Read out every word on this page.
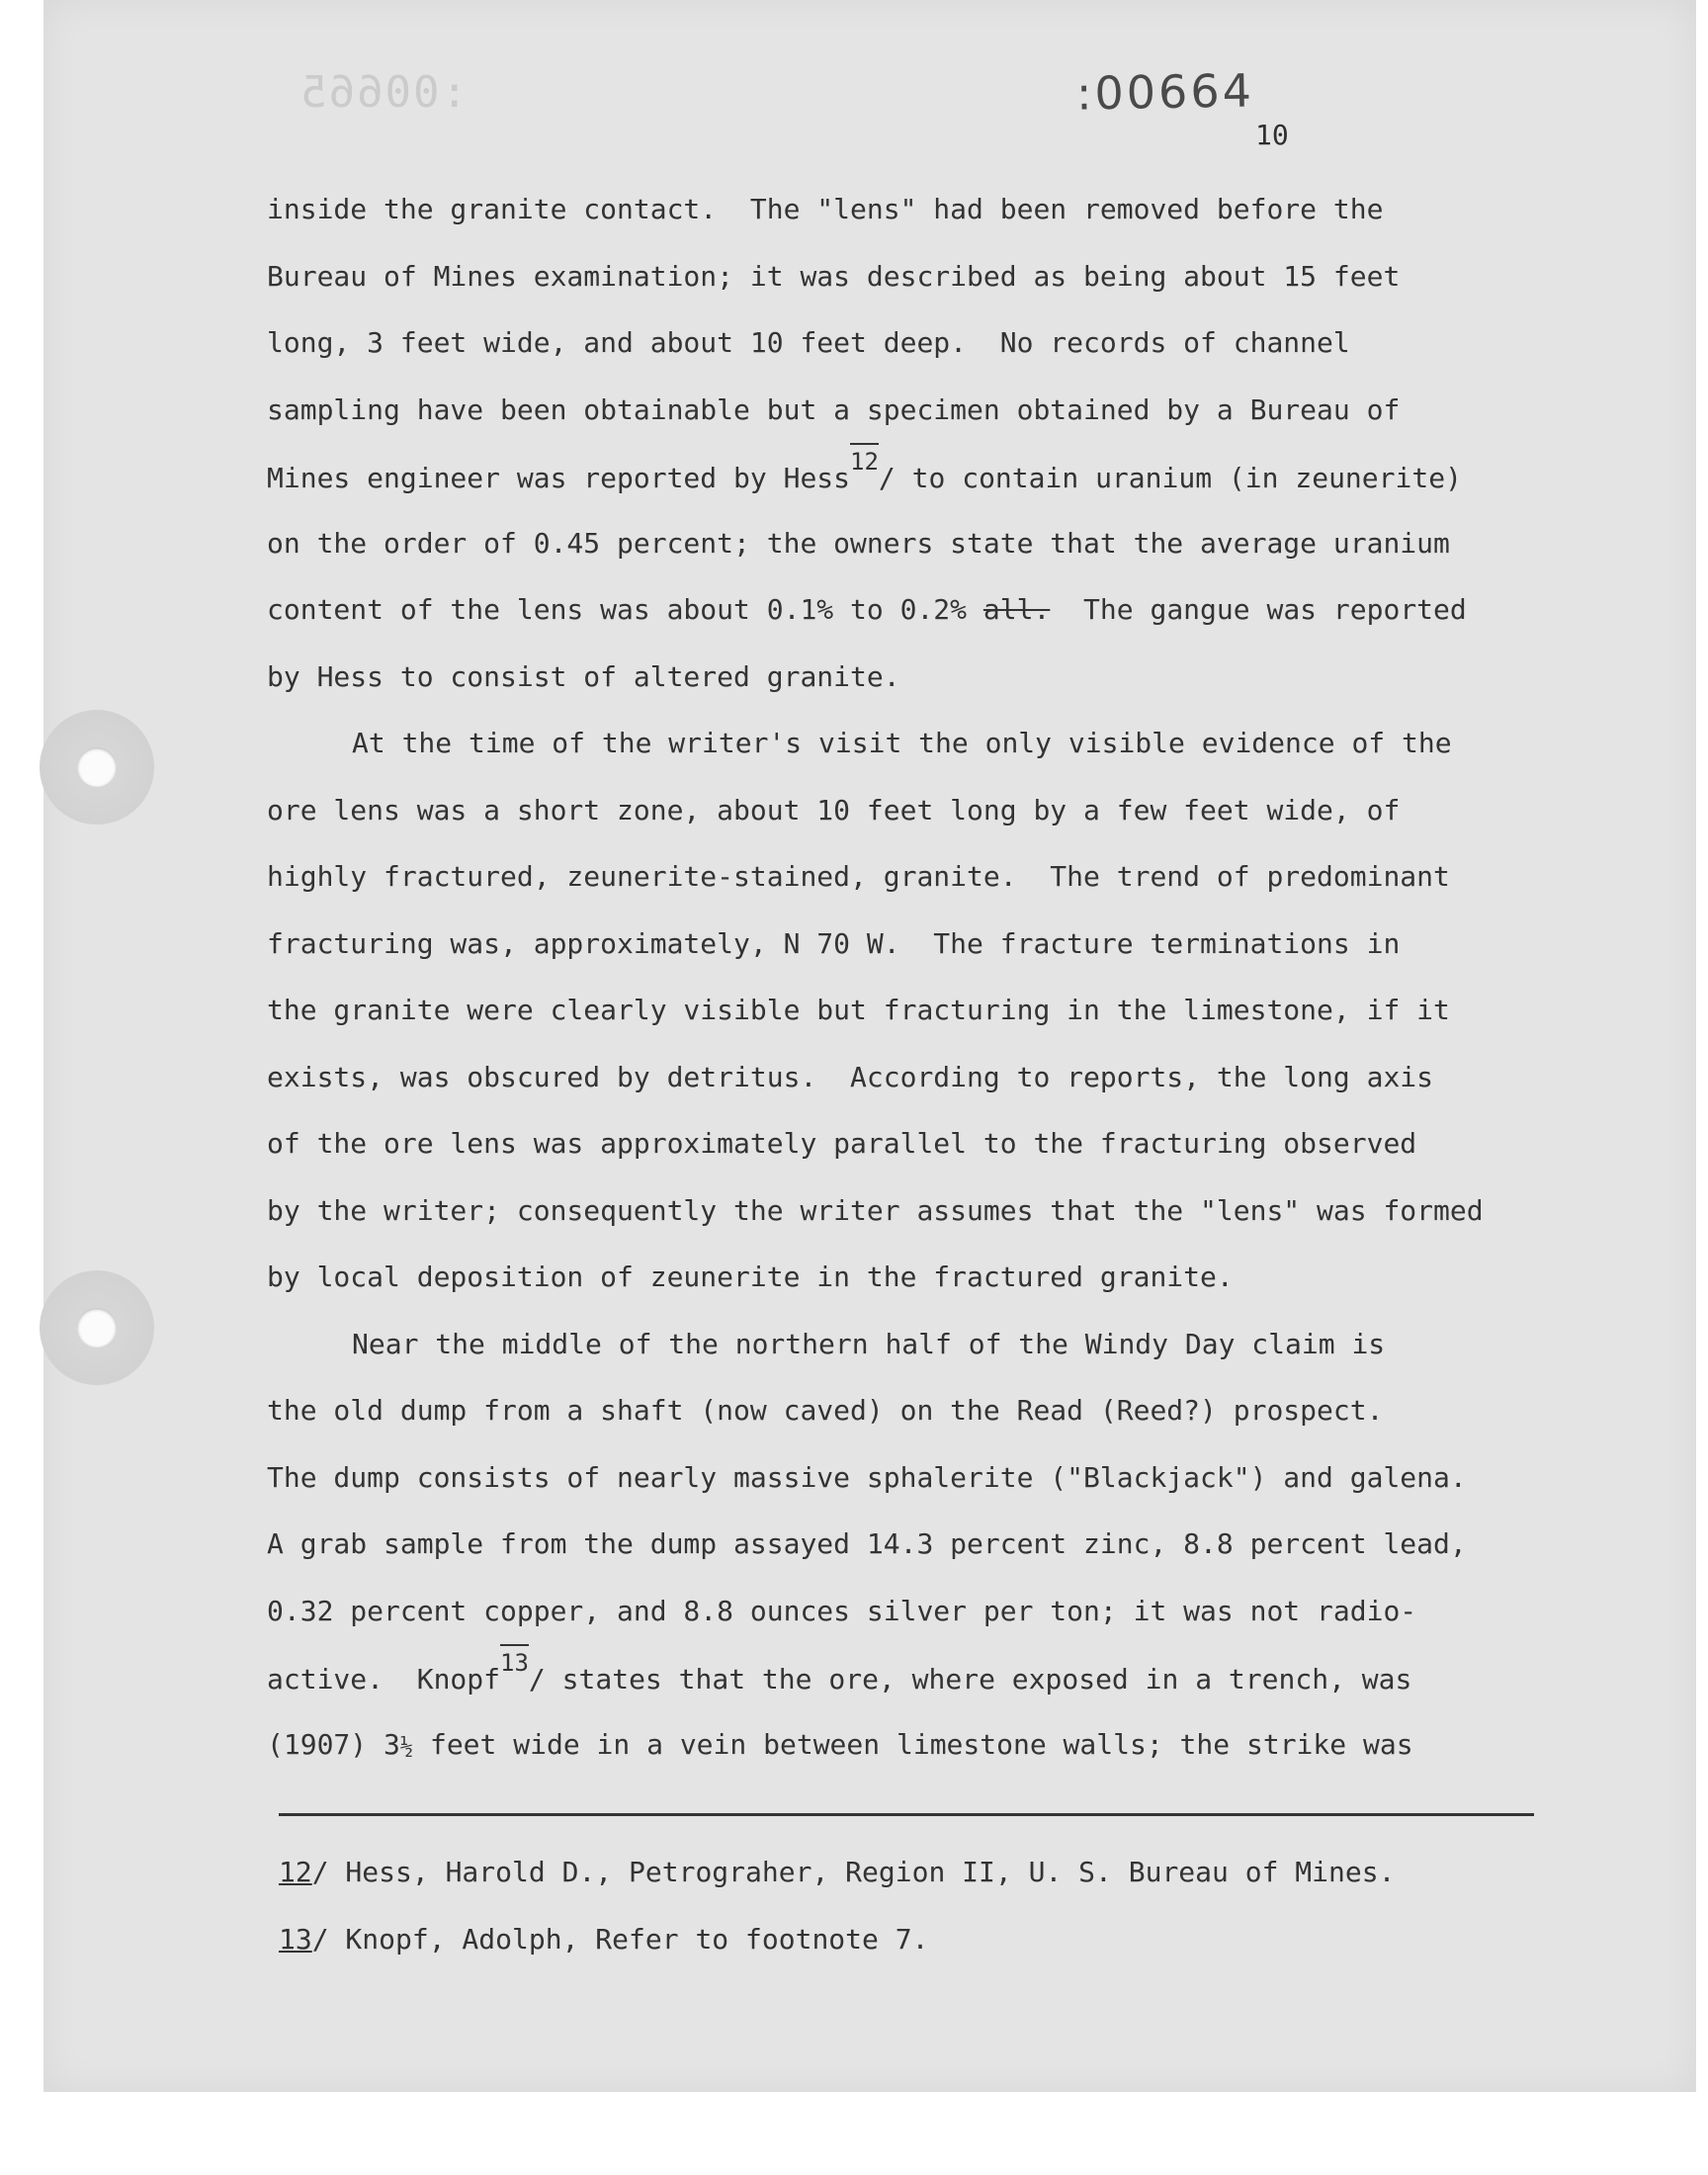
:00665	:00664
10
inside the granite contact.  The "lens" had been removed before the
Bureau of Mines examination; it was described as being about 15 feet
long, 3 feet wide, and about 10 feet deep.  No records of channel
sampling have been obtainable but a specimen obtained by a Bureau of
Mines engineer was reported by Hess12/ to contain uranium (in zeunerite)
on the order of 0.45 percent; the owners state that the average uranium
content of the lens was about 0.1% to 0.2% all.  The gangue was reported
by Hess to consist of altered granite.
At the time of the writer's visit the only visible evidence of the
ore lens was a short zone, about 10 feet long by a few feet wide, of
highly fractured, zeunerite-stained, granite.  The trend of predominant
fracturing was, approximately, N 70 W.  The fracture terminations in
the granite were clearly visible but fracturing in the limestone, if it
exists, was obscured by detritus.  According to reports, the long axis
of the ore lens was approximately parallel to the fracturing observed
by the writer; consequently the writer assumes that the "lens" was formed
by local deposition of zeunerite in the fractured granite.
Near the middle of the northern half of the Windy Day claim is
the old dump from a shaft (now caved) on the Read (Reed?) prospect.
The dump consists of nearly massive sphalerite ("Blackjack") and galena.
A grab sample from the dump assayed 14.3 percent zinc, 8.8 percent lead,
0.32 percent copper, and 8.8 ounces silver per ton; it was not radio-
active.  Knopf13/ states that the ore, where exposed in a trench, was
(1907) 3½ feet wide in a vein between limestone walls; the strike was
12/ Hess, Harold D., Petrograher, Region II, U. S. Bureau of Mines.
13/ Knopf, Adolph, Refer to footnote 7.
